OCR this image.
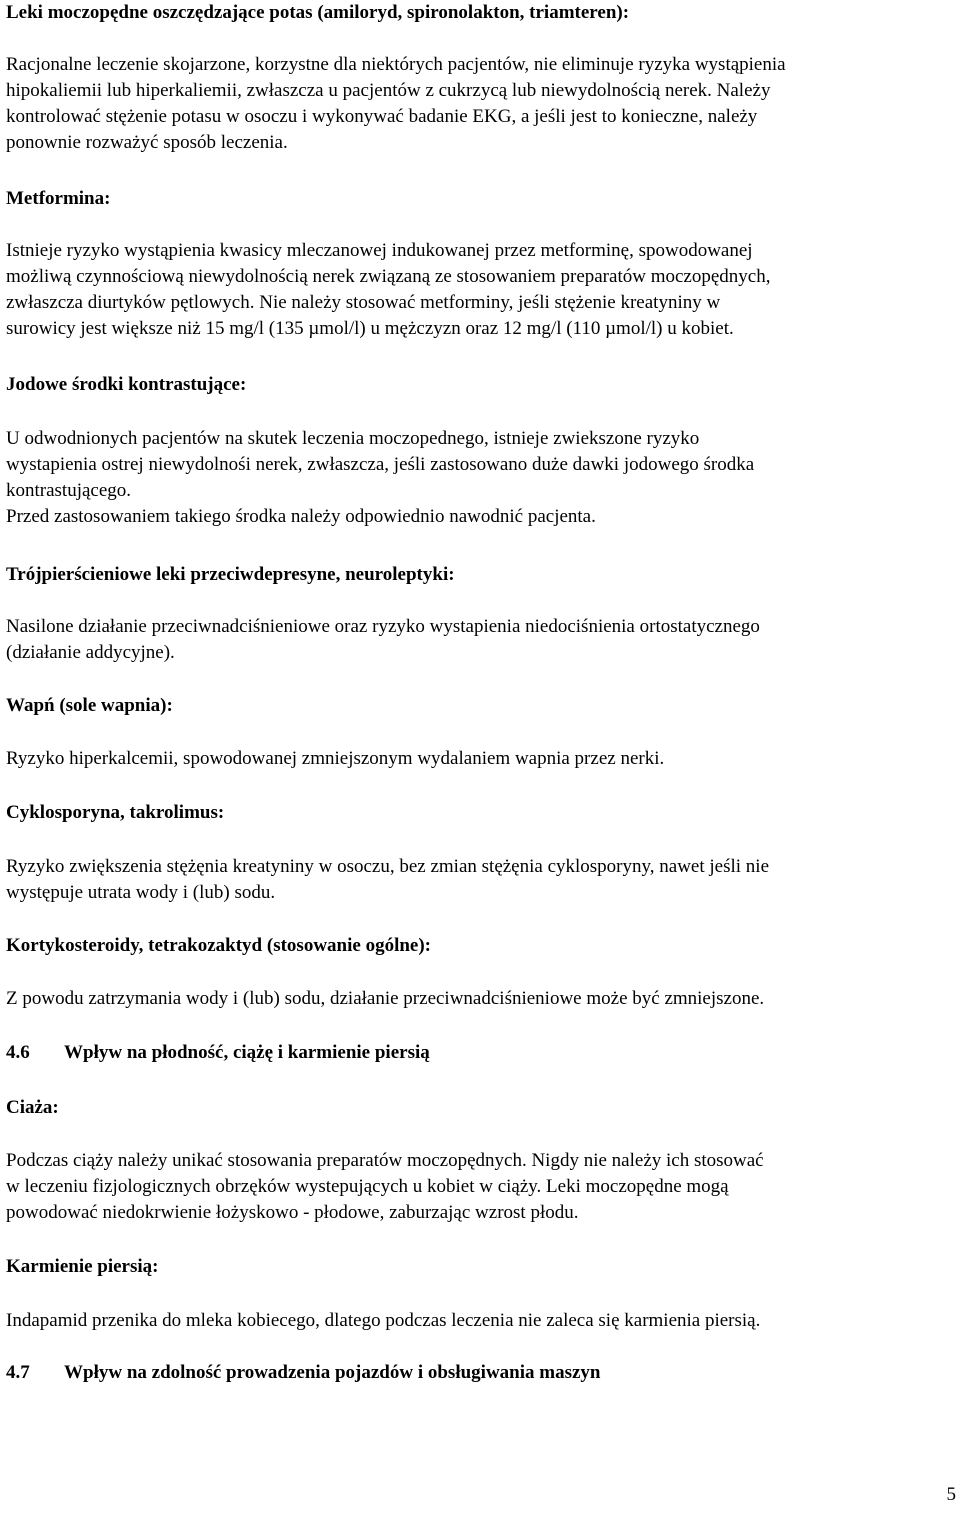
Leki moczopędne oszczędzające potas (amiloryd, spironolakton, triamteren):
Racjonalne leczenie skojarzone, korzystne dla niektórych pacjentów, nie eliminuje ryzyka wystąpienia
hipokaliemii lub hiperkaliemii, zwłaszcza u pacjentów z cukrzycą lub niewydolnością nerek. Należy
kontrolować stężenie potasu w osoczu i wykonywać badanie EKG, a jeśli jest to konieczne, należy
ponownie rozważyć sposób leczenia.
Metformina:
Istnieje ryzyko wystąpienia kwasicy mleczanowej indukowanej przez metforminę, spowodowanej
możliwą czynnościową niewydolnością nerek związaną ze stosowaniem preparatów moczopędnych,
zwłaszcza diurtyków pętlowych. Nie należy stosować metforminy, jeśli stężenie kreatyniny w
surowicy jest większe niż 15 mg/l (135 µmol/l) u mężczyzn oraz 12 mg/l (110 µmol/l) u kobiet.
Jodowe środki kontrastujące:
U odwodnionych pacjentów na skutek leczenia moczopednego, istnieje zwiekszone ryzyko
wystapienia ostrej niewydolnośi nerek, zwłaszcza, jeśli zastosowano duże dawki jodowego środka
kontrastującego.
Przed zastosowaniem takiego środka należy odpowiednio nawodnić pacjenta.
Trójpierścieniowe leki przeciwdepresyne, neuroleptyki:
Nasilone działanie przeciwnadciśnieniowe oraz ryzyko wystapienia niedociśnienia ortostatycznego
(działanie addycyjne).
Wapń (sole wapnia):
Ryzyko hiperkalcemii, spowodowanej zmniejszonym wydalaniem wapnia przez nerki.
Cyklosporyna, takrolimus:
Ryzyko zwiększenia stężęnia kreatyniny w osoczu, bez zmian stężęnia cyklosporyny, nawet jeśli nie
występuje utrata wody i (lub) sodu.
Kortykosteroidy, tetrakozaktyd (stosowanie ogólne):
Z powodu zatrzymania wody i (lub) sodu, działanie przeciwnadciśnieniowe może być zmniejszone.
4.6 Wpływ na płodność, ciążę i karmienie piersią
Ciaża:
Podczas ciąży należy unikać stosowania preparatów moczopędnych. Nigdy nie należy ich stosować
w leczeniu fizjologicznych obrzęków wystepujących u kobiet w ciąży. Leki moczopędne mogą
powodować niedokrwienie łożyskowo - płodowe, zaburzając wzrost płodu.
Karmienie piersią:
Indapamid przenika do mleka kobiecego, dlatego podczas leczenia nie zaleca się karmienia piersią.
4.7 Wpływ na zdolność prowadzenia pojazdów i obsługiwania maszyn
5
